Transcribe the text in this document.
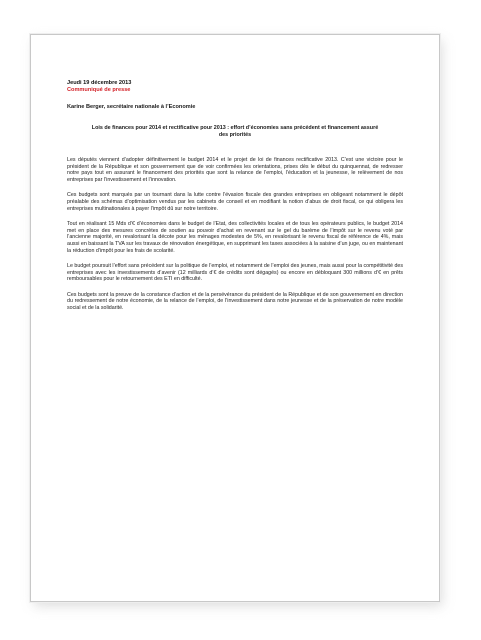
Jeudi 19 décembre 2013
Communiqué de presse
Karine Berger, secrétaire nationale à l’Economie
Lois de finances pour 2014 et rectificative pour 2013 : effort d’économies sans précédent et financement assuré des priorités

Les députés viennent d’adopter définitivement le budget 2014 et le projet de loi de finances rectificative 2013. C’est une victoire pour le président de la République et son gouvernement que de voir confirmées les orientations, prises dès le début du quinquennat, de redresser notre pays tout en assurant le financement des priorités que sont la relance de l’emploi, l’éducation et la jeunesse, le relèvement de nos entreprises par l’investissement et l’innovation.

Ces budgets sont marqués par un tournant dans la lutte contre l’évasion fiscale des grandes entreprises en obligeant notamment le dépôt préalable des schémas d’optimisation vendus par les cabinets de conseil et en modifiant la notion d’abus de droit fiscal, ce qui obligera les entreprises multinationales à payer l’impôt dû sur notre territoire.

Tout en réalisant 15 Mds d’€ d’économies dans le budget de l’Etat, des collectivités locales et de tous les opérateurs publics, le budget 2014 met en place des mesures concrètes de soutien au pouvoir d’achat en revenant sur le gel du barème de l’impôt sur le revenu voté par l’ancienne majorité, en revalorisant la décote pour les ménages modestes de 5%, en revalorisant le revenu fiscal de référence de 4%, mais aussi en baissant la TVA sur les travaux de rénovation énergétique, en supprimant les taxes associées à la saisine d’un juge, ou en maintenant la réduction d’impôt pour les frais de scolarité.

Le budget poursuit l’effort sans précédent sur la politique de l’emploi, et notamment de l’emploi des jeunes, mais aussi pour la compétitivité des entreprises avec les investissements d’avenir (12 milliards d’€ de crédits sont dégagés) ou encore en débloquant 300 millions d’€ en prêts remboursables pour le retournement des ETI en difficulté.

Ces budgets sont la preuve de la constance d’action et de la persévérance du président de la République et de son gouvernement en direction du redressement de notre économie, de la relance de l’emploi, de l’investissement dans notre jeunesse et de la préservation de notre modèle social et de la solidarité.
